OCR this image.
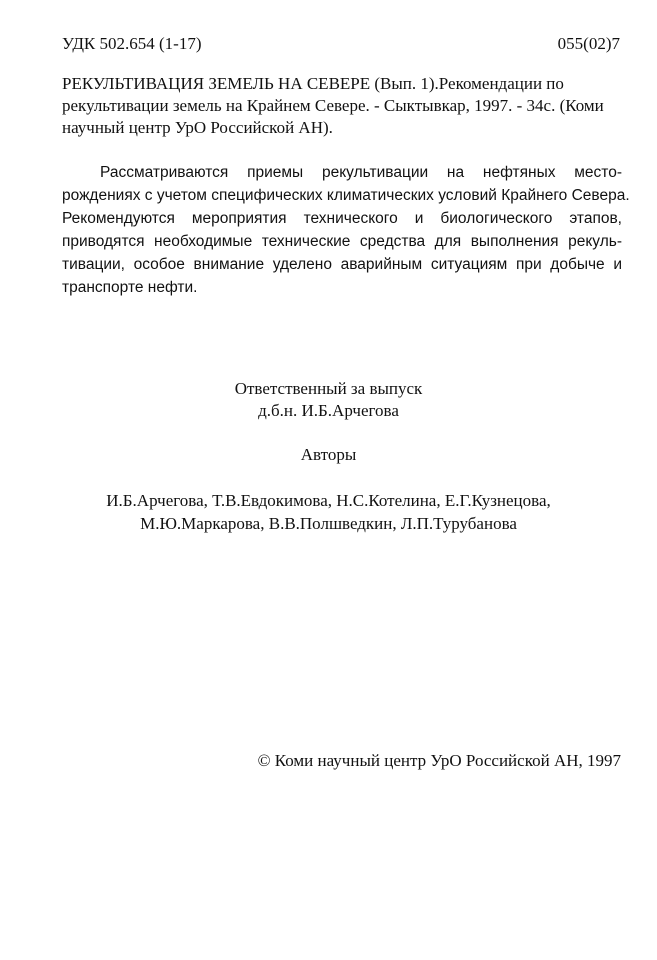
УДК 502.654 (1-17)	055(02)7
РЕКУЛЬТИВАЦИЯ ЗЕМЕЛЬ НА СЕВЕРЕ (Вып. 1).Рекомендации по
рекультивации земель на Крайнем Севере. - Сыктывкар, 1997. - 34с. (Коми
научный центр УрО Российской АН).
Рассматриваются приемы рекультивации на нефтяных место-
рождениях с учетом специфических климатических условий Крайнего Севера.
Рекомендуются мероприятия технического и биологического этапов,
приводятся необходимые технические средства для выполнения рекуль-
тивации, особое внимание уделено аварийным ситуациям при добыче и
транспорте нефти.
Ответственный за выпуск
д.б.н. И.Б.Арчегова
Авторы
И.Б.Арчегова, Т.В.Евдокимова, Н.С.Котелина, Е.Г.Кузнецова,
М.Ю.Маркарова, В.В.Полшведкин, Л.П.Турубанова
© Коми научный центр УрО Российской АН, 1997
